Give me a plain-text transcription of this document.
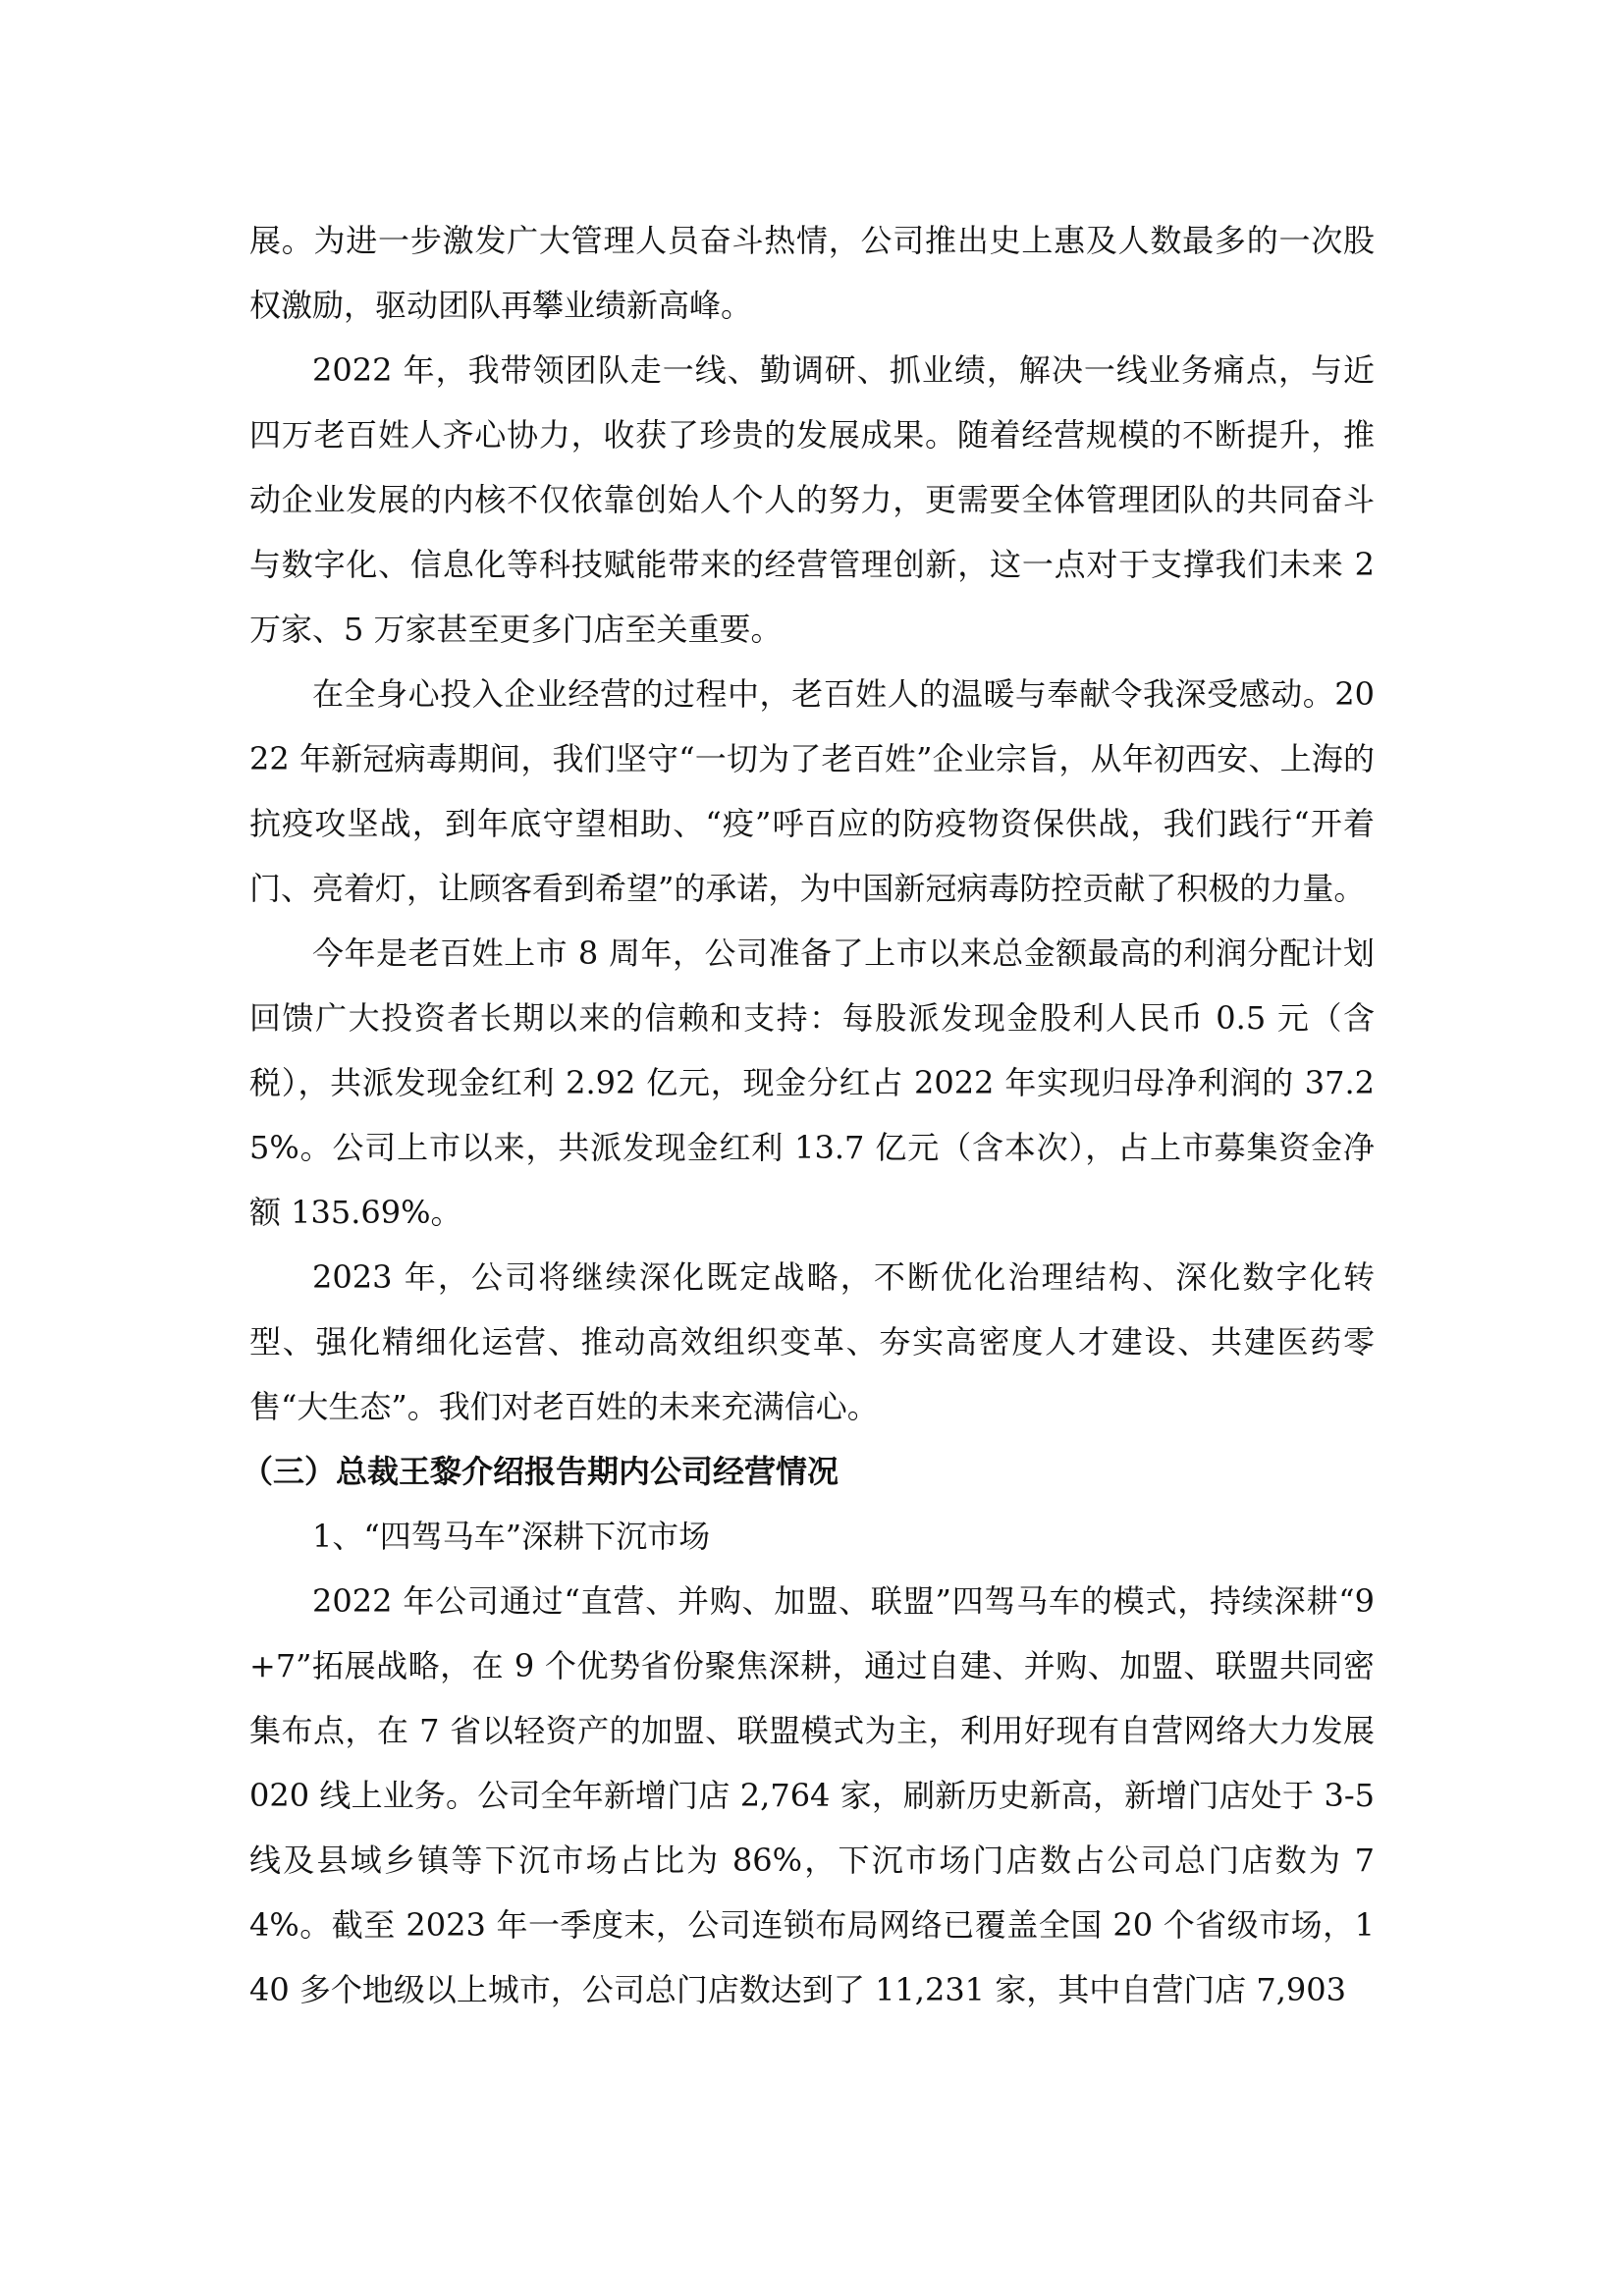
展。为进一步激发广大管理人员奋斗热情，公司推出史上惠及人数最多的一次股权激励，驱动团队再攀业绩新高峰。

2022 年，我带领团队走一线、勤调研、抓业绩，解决一线业务痛点，与近四万老百姓人齐心协力，收获了珍贵的发展成果。随着经营规模的不断提升，推动企业发展的内核不仅依靠创始人个人的努力，更需要全体管理团队的共同奋斗与数字化、信息化等科技赋能带来的经营管理创新，这一点对于支撑我们未来 2 万家、5 万家甚至更多门店至关重要。

在全身心投入企业经营的过程中，老百姓人的温暖与奉献令我深受感动。2022 年新冠病毒期间，我们坚守“一切为了老百姓”企业宗旨，从年初西安、上海的抗疫攻坚战，到年底守望相助、“疫”呼百应的防疫物资保供战，我们践行“开着门、亮着灯，让顾客看到希望”的承诺，为中国新冠病毒防控贡献了积极的力量。

今年是老百姓上市 8 周年，公司准备了上市以来总金额最高的利润分配计划回馈广大投资者长期以来的信赖和支持：每股派发现金股利人民币 0.5 元（含税），共派发现金红利 2.92 亿元，现金分红占 2022 年实现归母净利润的 37.25%。公司上市以来，共派发现金红利 13.7 亿元（含本次），占上市募集资金净额 135.69%。

2023 年，公司将继续深化既定战略，不断优化治理结构、深化数字化转型、强化精细化运营、推动高效组织变革、夯实高密度人才建设、共建医药零售“大生态”。我们对老百姓的未来充满信心。

（三）总裁王黎介绍报告期内公司经营情况

1、“四驾马车”深耕下沉市场

2022 年公司通过“直营、并购、加盟、联盟”四驾马车的模式，持续深耕“9+7”拓展战略，在 9 个优势省份聚焦深耕，通过自建、并购、加盟、联盟共同密集布点，在 7 省以轻资产的加盟、联盟模式为主，利用好现有自营网络大力发展 020 线上业务。公司全年新增门店 2,764 家，刷新历史新高，新增门店处于 3-5 线及县域乡镇等下沉市场占比为 86%，下沉市场门店数占公司总门店数为 74%。截至 2023 年一季度末，公司连锁布局网络已覆盖全国 20 个省级市场，140 多个地级以上城市，公司总门店数达到了 11,231 家，其中自营门店 7,903
